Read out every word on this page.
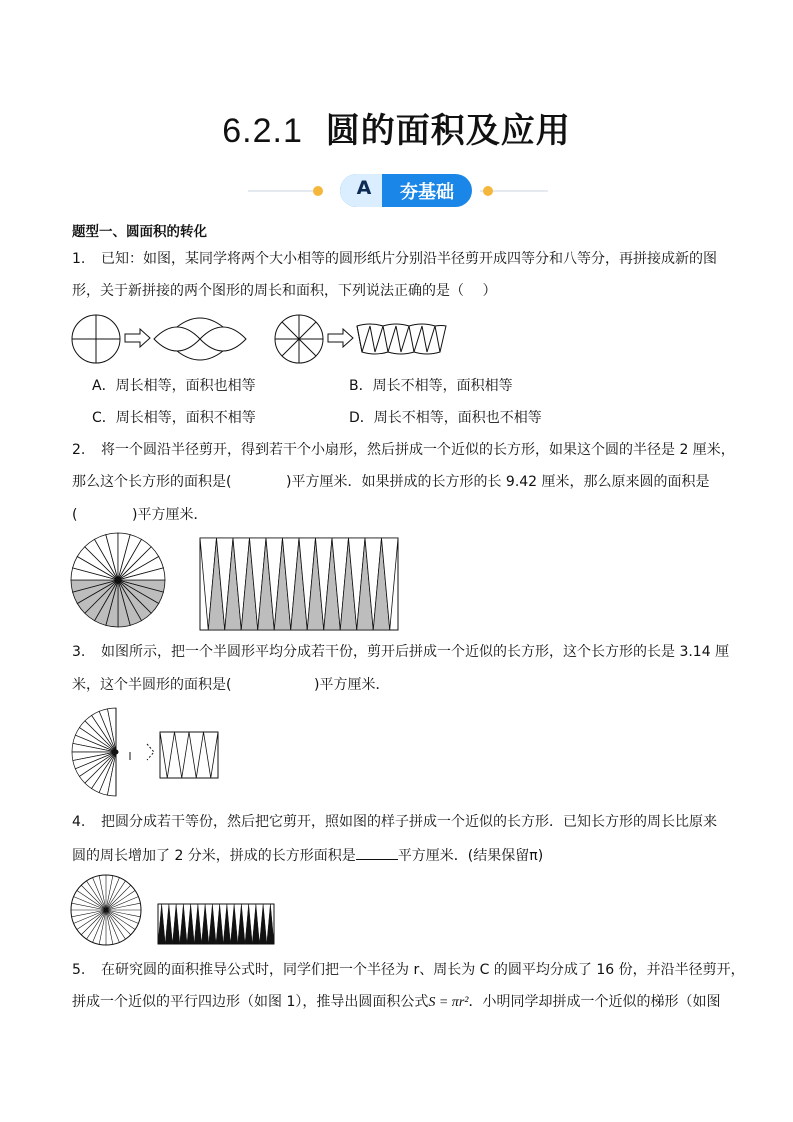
6.2.1 圆的面积及应用
A	夯基础
题型一、圆面积的转化
1. 已知：如图，某同学将两个大小相等的圆形纸片分别沿半径剪开成四等分和八等分，再拼接成新的图
形，关于新拼接的两个图形的周长和面积，下列说法正确的是（　 ）
A．周长相等，面积也相等	B．周长不相等，面积相等
C．周长相等，面积不相等	D．周长不相等，面积也不相等
2. 将一个圆沿半径剪开，得到若干个小扇形，然后拼成一个近似的长方形，如果这个圆的半径是 2 厘米，
那么这个长方形的面积是(	)平方厘米．如果拼成的长方形的长 9.42 厘米，那么原来圆的面积是
(	)平方厘米．
3. 如图所示，把一个半圆形平均分成若干份，剪开后拼成一个近似的长方形，这个长方形的长是 3.14 厘
米，这个半圆形的面积是(	)平方厘米．
4. 把圆分成若干等份，然后把它剪开，照如图的样子拼成一个近似的长方形．已知长方形的周长比原来
圆的周长增加了 2 分米，拼成的长方形面积是	平方厘米．(结果保留π)
5. 在研究圆的面积推导公式时，同学们把一个半径为 r、周长为 C 的圆平均分成了 16 份，并沿半径剪开，
拼成一个近似的平行四边形（如图 1），推导出圆面积公式S = πr²．小明同学却拼成一个近似的梯形（如图
